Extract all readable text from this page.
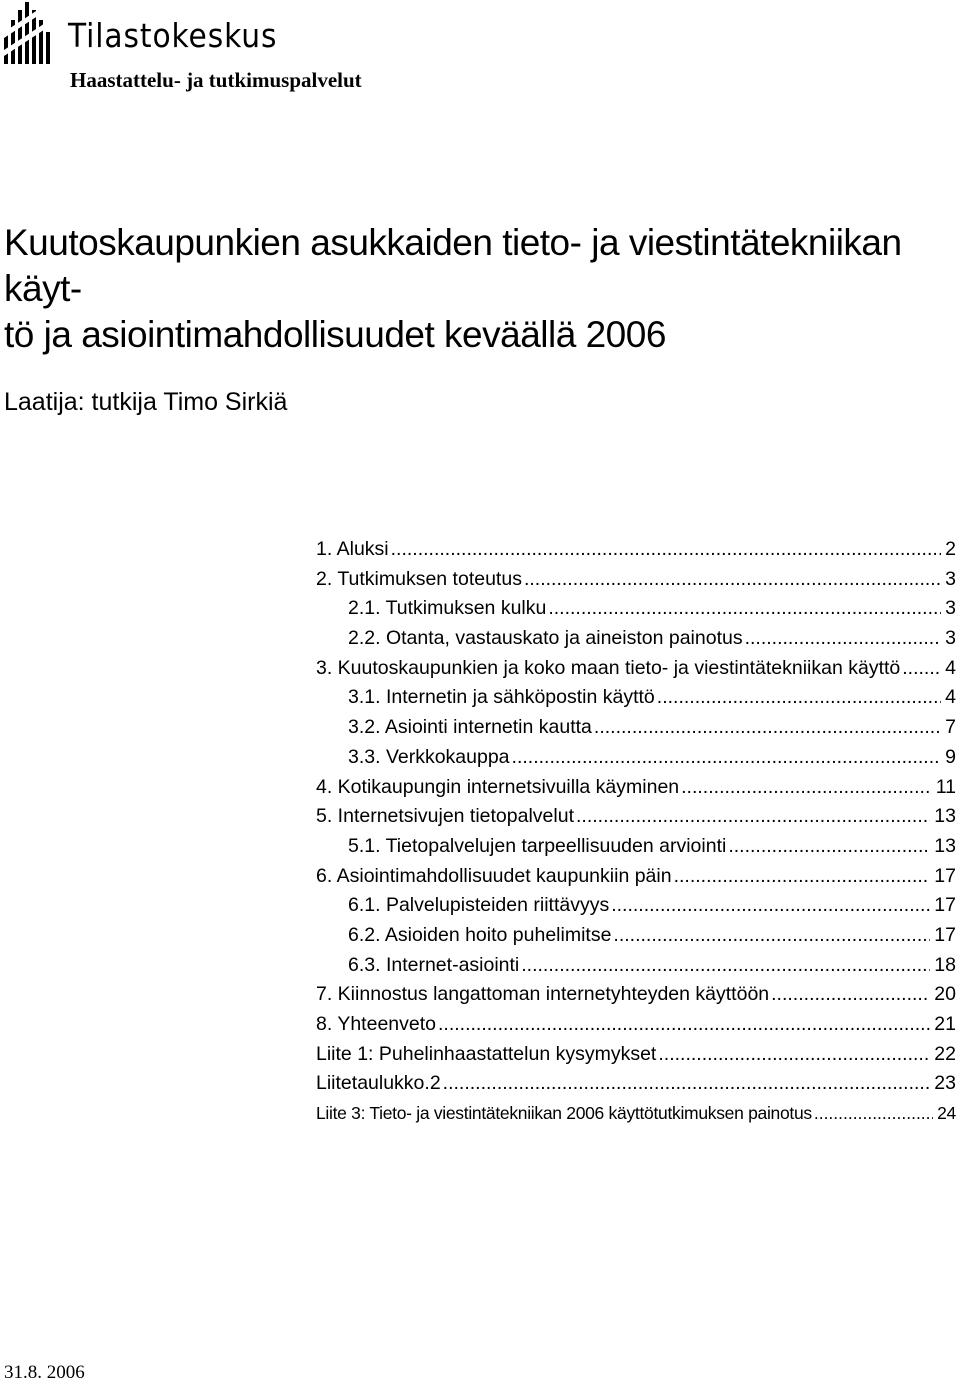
Tilastokeskus
Haastattelu- ja tutkimuspalvelut
Kuutoskaupunkien asukkaiden tieto- ja viestintätekniikan käyt-
tö ja asiointimahdollisuudet keväällä 2006
Laatija: tutkija Timo Sirkiä
1. Aluksi .....	2
2. Tutkimuksen toteutus .....	3
2.1. Tutkimuksen kulku .....	3
2.2. Otanta, vastauskato ja aineiston painotus .....	3
3. Kuutoskaupunkien ja koko maan tieto- ja viestintätekniikan käyttö ..... 4
3.1. Internetin ja sähköpostin käyttö .....	4
3.2. Asiointi internetin kautta .....	7
3.3. Verkkokauppa .....	9
4. Kotikaupungin internetsivuilla käyminen .....	11
5. Internetsivujen tietopalvelut .....	13
5.1. Tietopalvelujen tarpeellisuuden arviointi .....	13
6. Asiointimahdollisuudet kaupunkiin päin .....	17
6.1. Palvelupisteiden riittävyys .....	17
6.2. Asioiden hoito puhelimitse .....	17
6.3. Internet-asiointi .....	18
7. Kiinnostus langattoman internetyhteyden käyttöön .....	20
8. Yhteenveto .....	21
Liite 1: Puhelinhaastattelun kysymykset .....	22
Liitetaulukko.2 .....	23
Liite 3: Tieto- ja viestintätekniikan 2006 käyttötutkimuksen painotus .....	24
31.8. 2006
